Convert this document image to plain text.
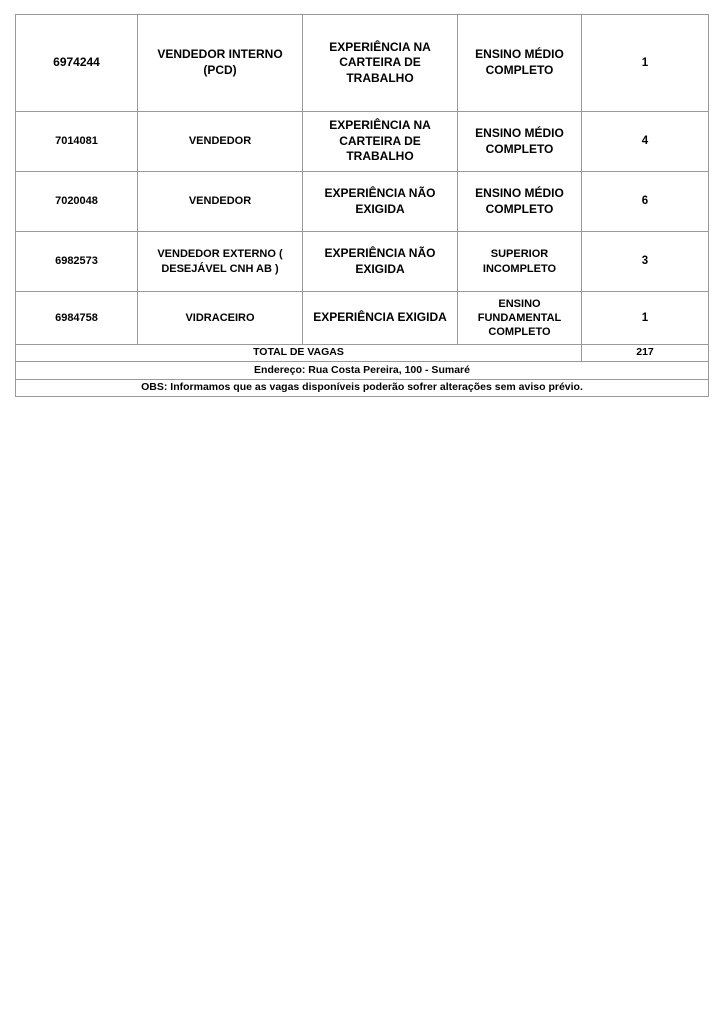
6974244	VENDEDOR INTERNO (PCD)	EXPERIÊNCIA NA CARTEIRA DE TRABALHO	ENSINO MÉDIO COMPLETO	1
7014081	VENDEDOR	EXPERIÊNCIA NA CARTEIRA DE TRABALHO	ENSINO MÉDIO COMPLETO	4
7020048	VENDEDOR	EXPERIÊNCIA NÃO EXIGIDA	ENSINO MÉDIO COMPLETO	6
6982573	VENDEDOR EXTERNO ( DESEJÁVEL CNH AB )	EXPERIÊNCIA NÃO EXIGIDA	SUPERIOR INCOMPLETO	3
6984758	VIDRACEIRO	EXPERIÊNCIA EXIGIDA	ENSINO FUNDAMENTAL COMPLETO	1
TOTAL DE VAGAS				217
Endereço: Rua Costa Pereira, 100 - Sumaré				
OBS: Informamos que as vagas disponíveis poderão sofrer alterações sem aviso prévio.				
